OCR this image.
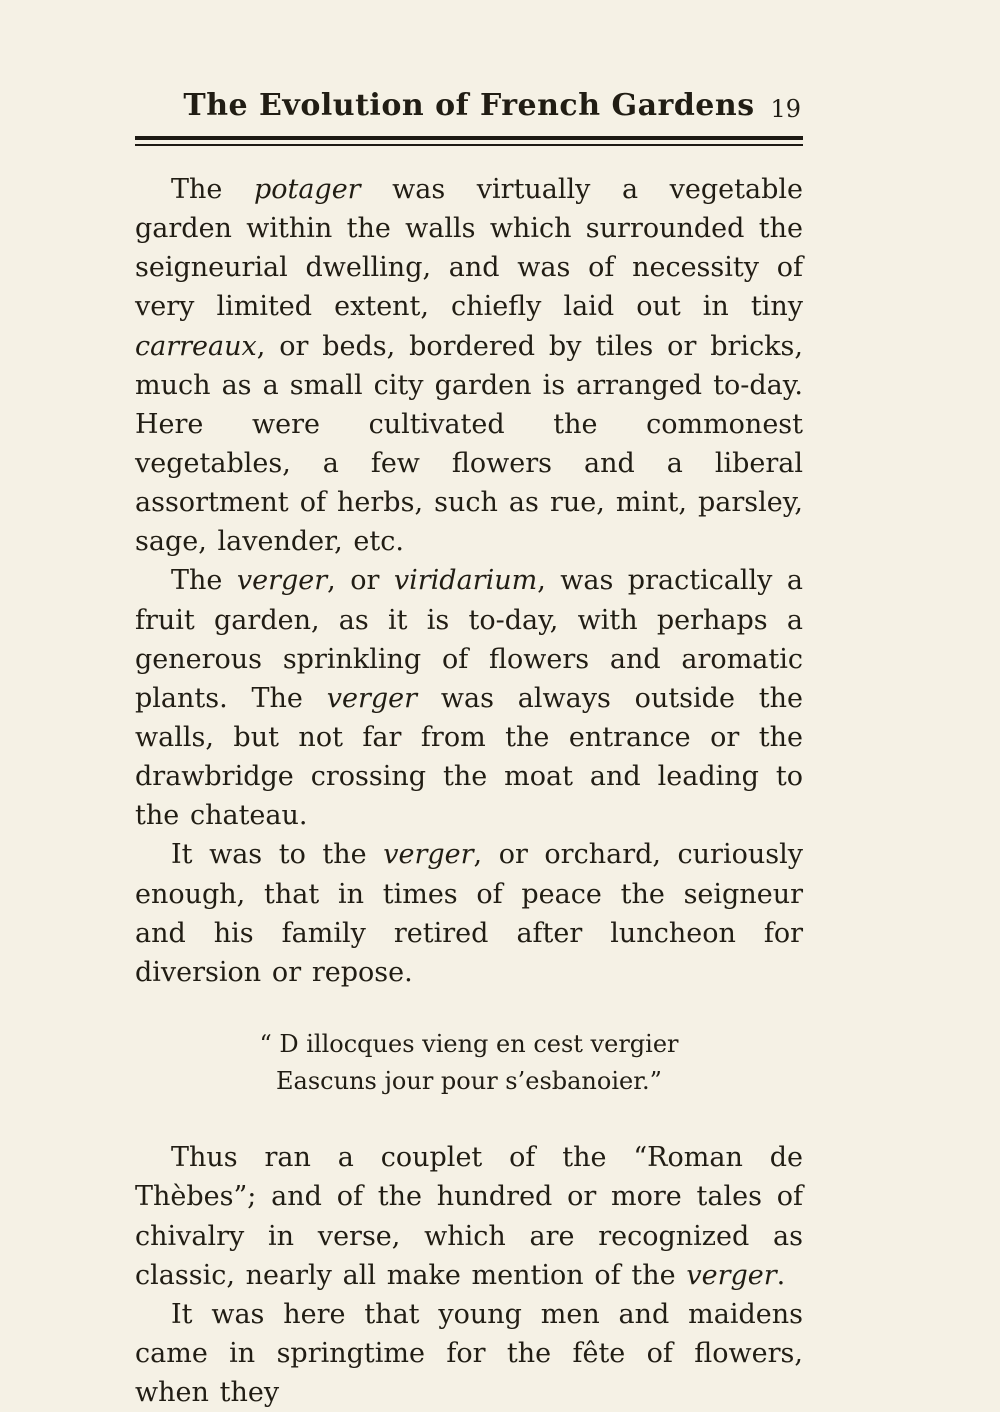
The Evolution of French Gardens 19

The potager was virtually a vegetable garden within the walls which surrounded the seigneurial dwelling, and was of necessity of very limited extent, chiefly laid out in tiny carreaux, or beds, bordered by tiles or bricks, much as a small city garden is arranged to-day. Here were cultivated the commonest vegetables, a few flowers and a liberal assortment of herbs, such as rue, mint, parsley, sage, lavender, etc.

The verger, or viridarium, was practically a fruit garden, as it is to-day, with perhaps a generous sprinkling of flowers and aromatic plants. The verger was always outside the walls, but not far from the entrance or the drawbridge crossing the moat and leading to the chateau.

It was to the verger, or orchard, curiously enough, that in times of peace the seigneur and his family retired after luncheon for diversion or repose.

“ D illocques vieng en cest vergier
Eascuns jour pour s’esbanoier.”

Thus ran a couplet of the “Roman de Thèbes”; and of the hundred or more tales of chivalry in verse, which are recognized as classic, nearly all make mention of the verger.

It was here that young men and maidens came in springtime for the fête of flowers, when they
